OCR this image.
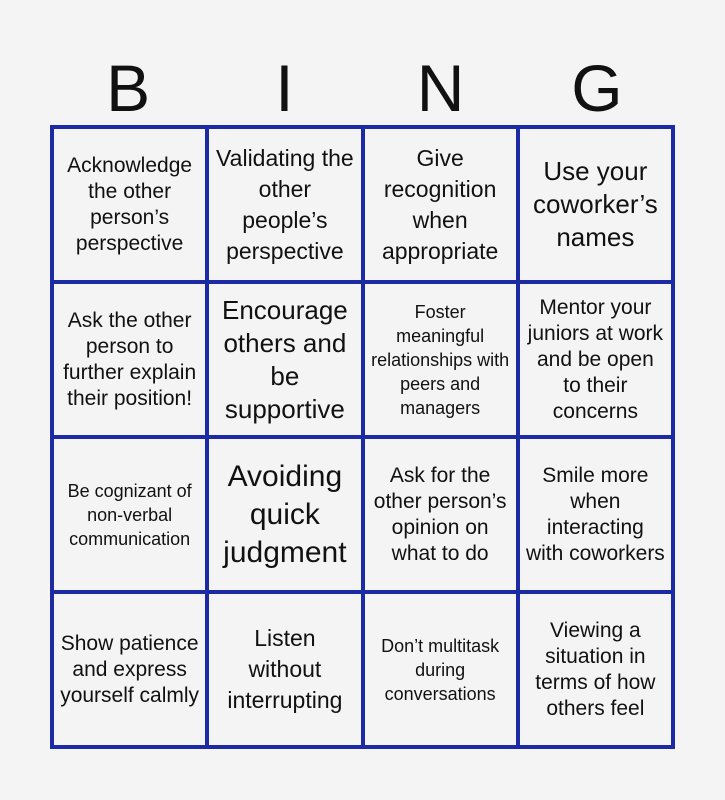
B	I	N	G
Acknowledge the other person’s perspective
Validating the other people’s perspective
Give recognition when appropriate
Use your coworker’s names
Ask the other person to further explain their position!
Encourage others and be supportive
Foster meaningful relationships with peers and managers
Mentor your juniors at work and be open to their concerns
Be cognizant of non-verbal communication
Avoiding quick judgment
Ask for the other person’s opinion on what to do
Smile more when interacting with coworkers
Show patience and express yourself calmly
Listen without interrupting
Don’t multitask during conversations
Viewing a situation in terms of how others feel
